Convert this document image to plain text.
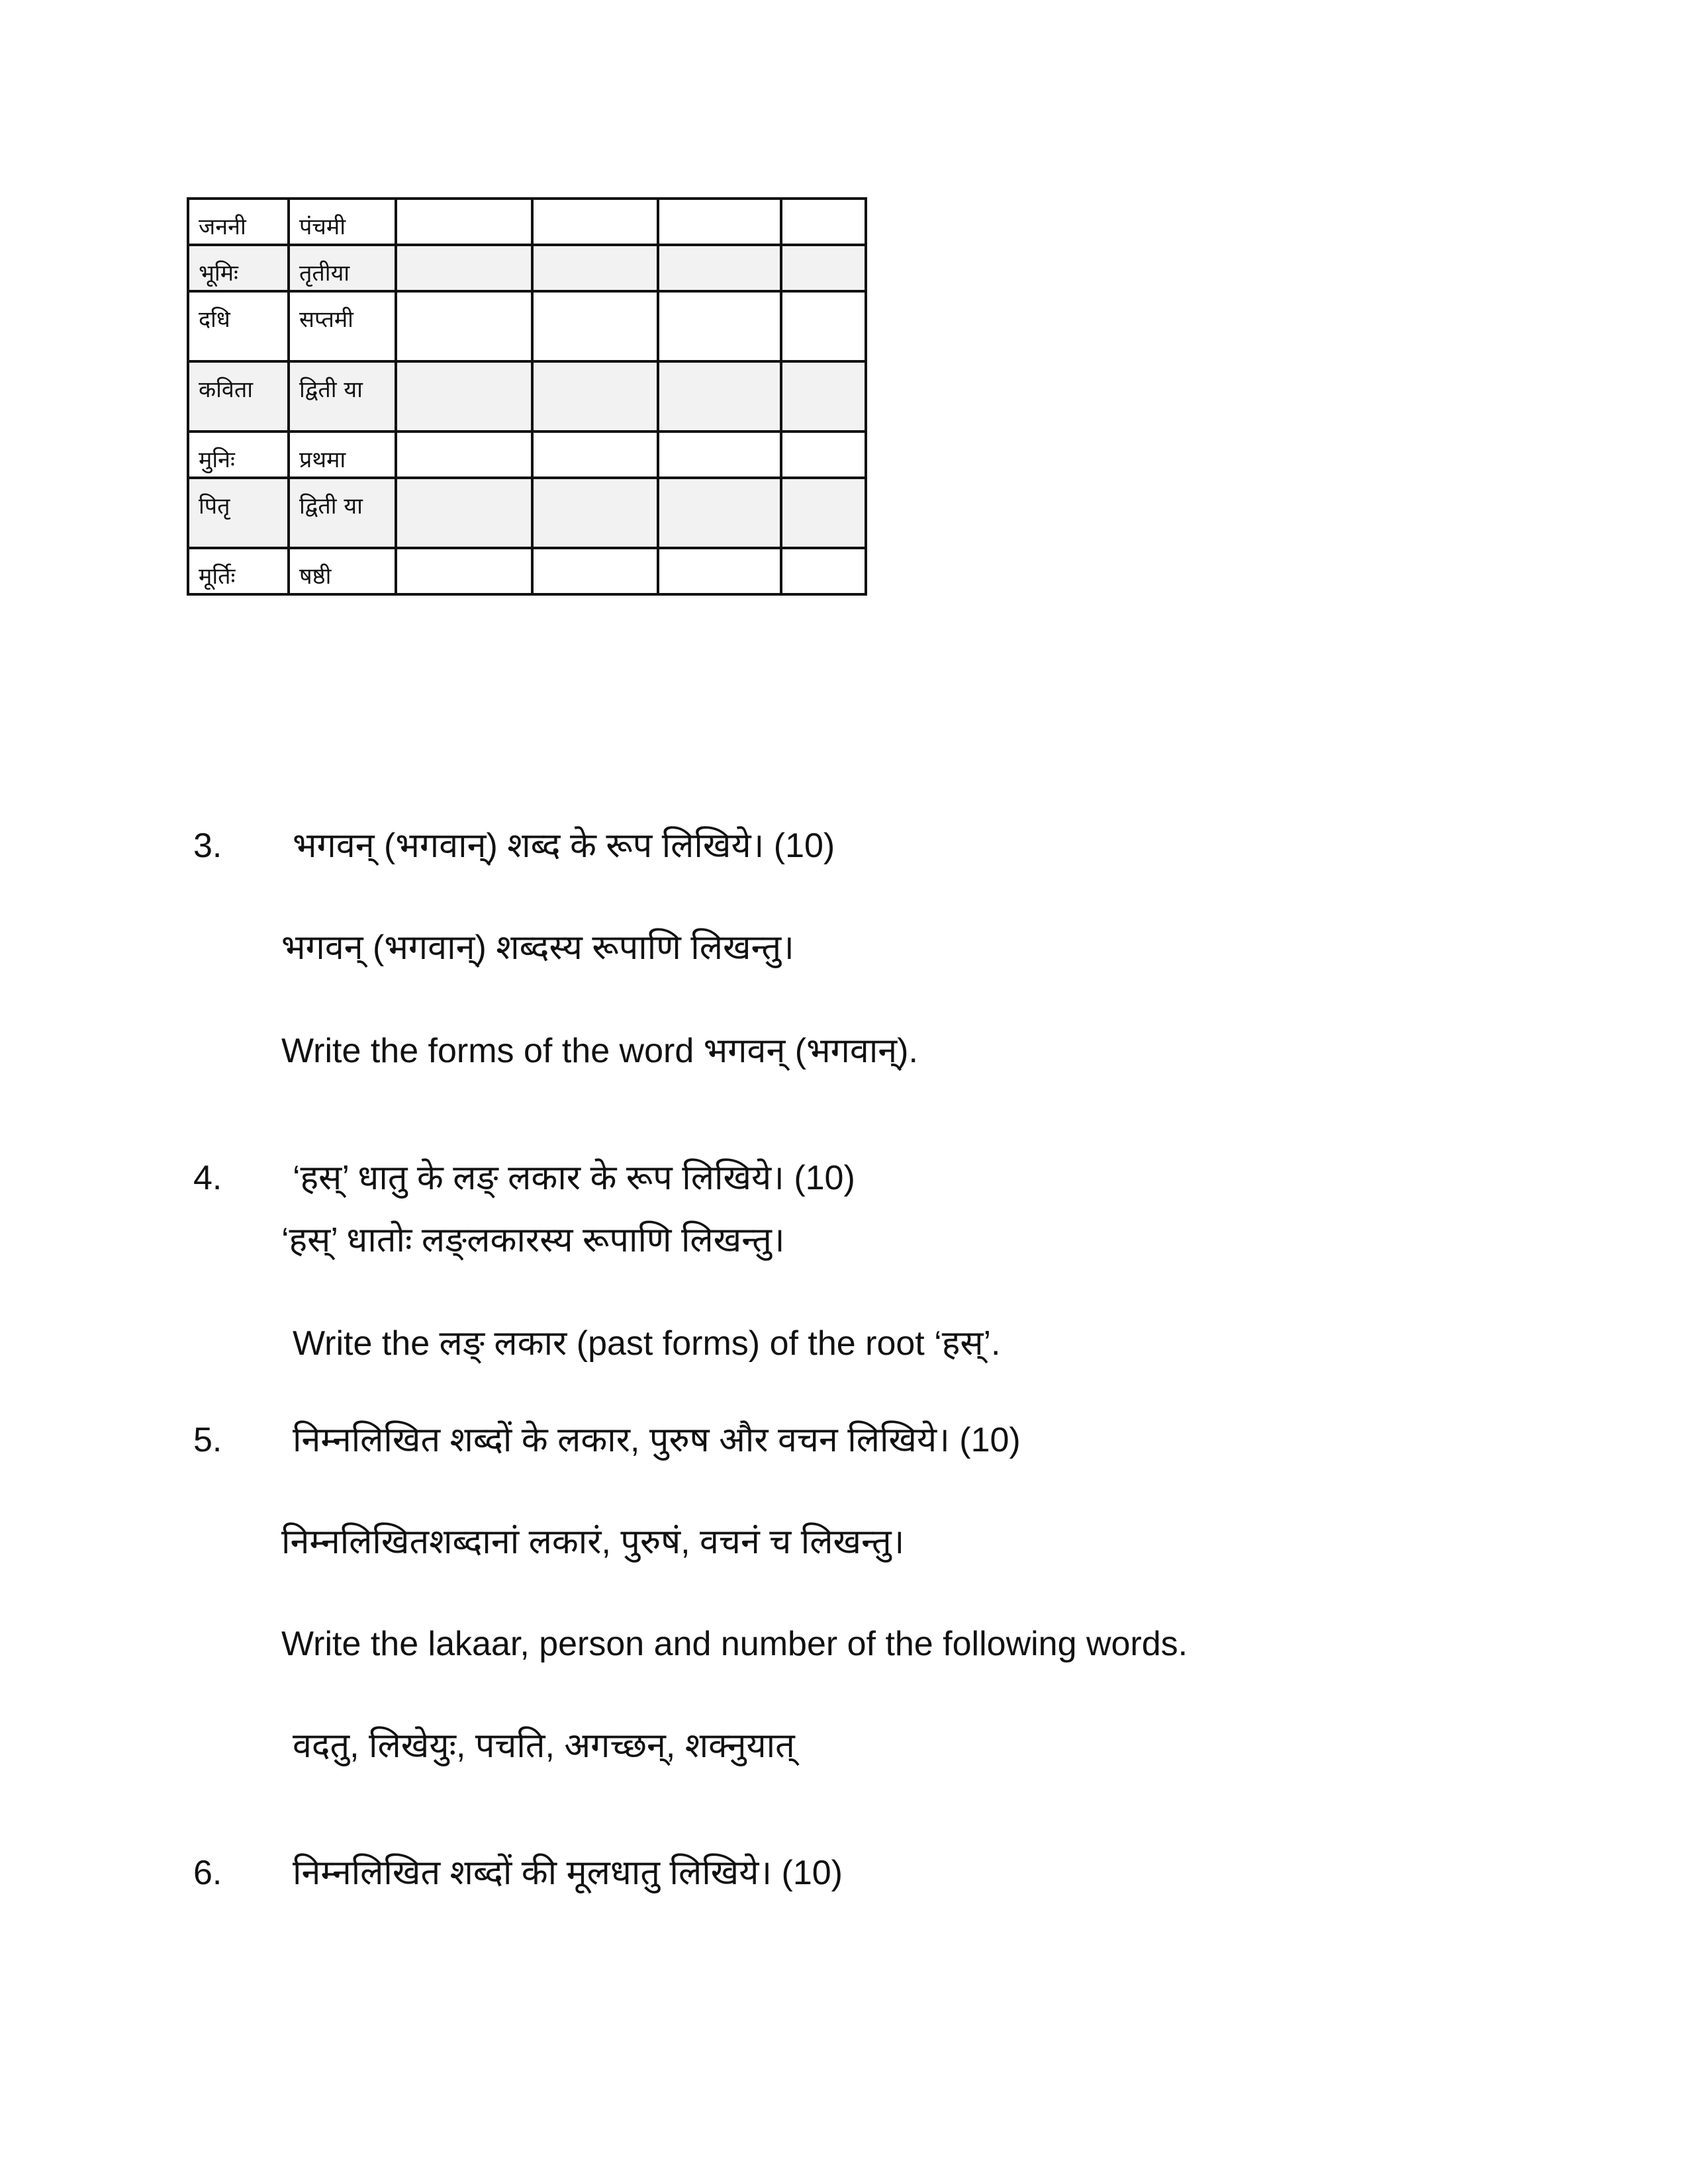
जननी	पंचमी				
भूमिः	तृतीया				
दधि	सप्तमी				
कविता	द्विती या				
मुनिः	प्रथमा				
पितृ	द्विती या				
मूर्तिः	षष्ठी				
3. भगवन् (भगवान्) शब्द के रूप लिखिये। (10)
भगवन् (भगवान्) शब्दस्य रूपाणि लिखन्तु।
Write the forms of the word भगवन् (भगवान्).
4. ‘हस्’ धातु के लङ् लकार के रूप लिखिये। (10)
‘हस्’ धातोः लङ्लकारस्य रूपाणि लिखन्तु।
Write the लङ् लकार (past forms) of the root ‘हस्’.
5. निम्नलिखित शब्दों के लकार, पुरुष और वचन लिखिये। (10)
निम्नलिखितशब्दानां लकारं, पुरुषं, वचनं च लिखन्तु।
Write the lakaar, person and number of the following words.
वदतु, लिखेयुः, पचति, अगच्छन्, शक्नुयात्
6. निम्नलिखित शब्दों की मूलधातु लिखिये। (10)
